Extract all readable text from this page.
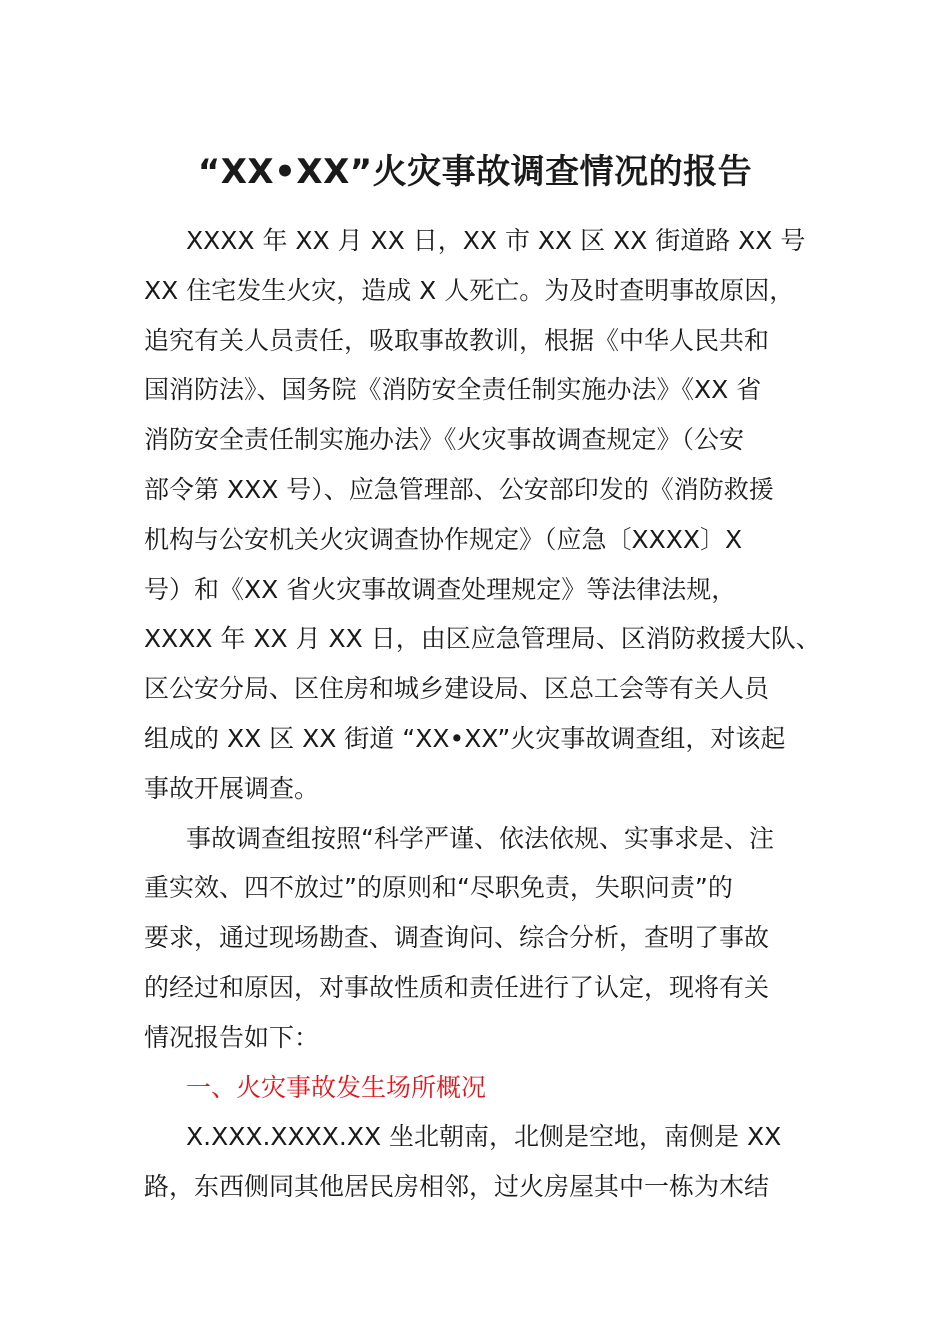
“XX•XX”火灾事故调查情况的报告
XXXX 年 XX 月 XX 日，XX 市 XX 区 XX 街道路 XX 号
XX 住宅发生火灾，造成 X 人死亡。为及时查明事故原因，
追究有关人员责任，吸取事故教训，根据《中华人民共和
国消防法》、国务院《消防安全责任制实施办法》《XX 省
消防安全责任制实施办法》《火灾事故调查规定》（公安
部令第 XXX 号）、应急管理部、公安部印发的《消防救援
机构与公安机关火灾调查协作规定》（应急〔XXXX〕X
号）和《XX 省火灾事故调查处理规定》等法律法规，
XXXX 年 XX 月 XX 日，由区应急管理局、区消防救援大队、
区公安分局、区住房和城乡建设局、区总工会等有关人员
组成的 XX 区 XX 街道 “XX•XX”火灾事故调查组，对该起
事故开展调查。
事故调查组按照“科学严谨、依法依规、实事求是、注
重实效、四不放过”的原则和“尽职免责，失职问责”的
要求，通过现场勘查、调查询问、综合分析，查明了事故
的经过和原因，对事故性质和责任进行了认定，现将有关
情况报告如下：
一、火灾事故发生场所概况
X.XXX.XXXX.XX 坐北朝南，北侧是空地，南侧是 XX
路，东西侧同其他居民房相邻，过火房屋其中一栋为木结
